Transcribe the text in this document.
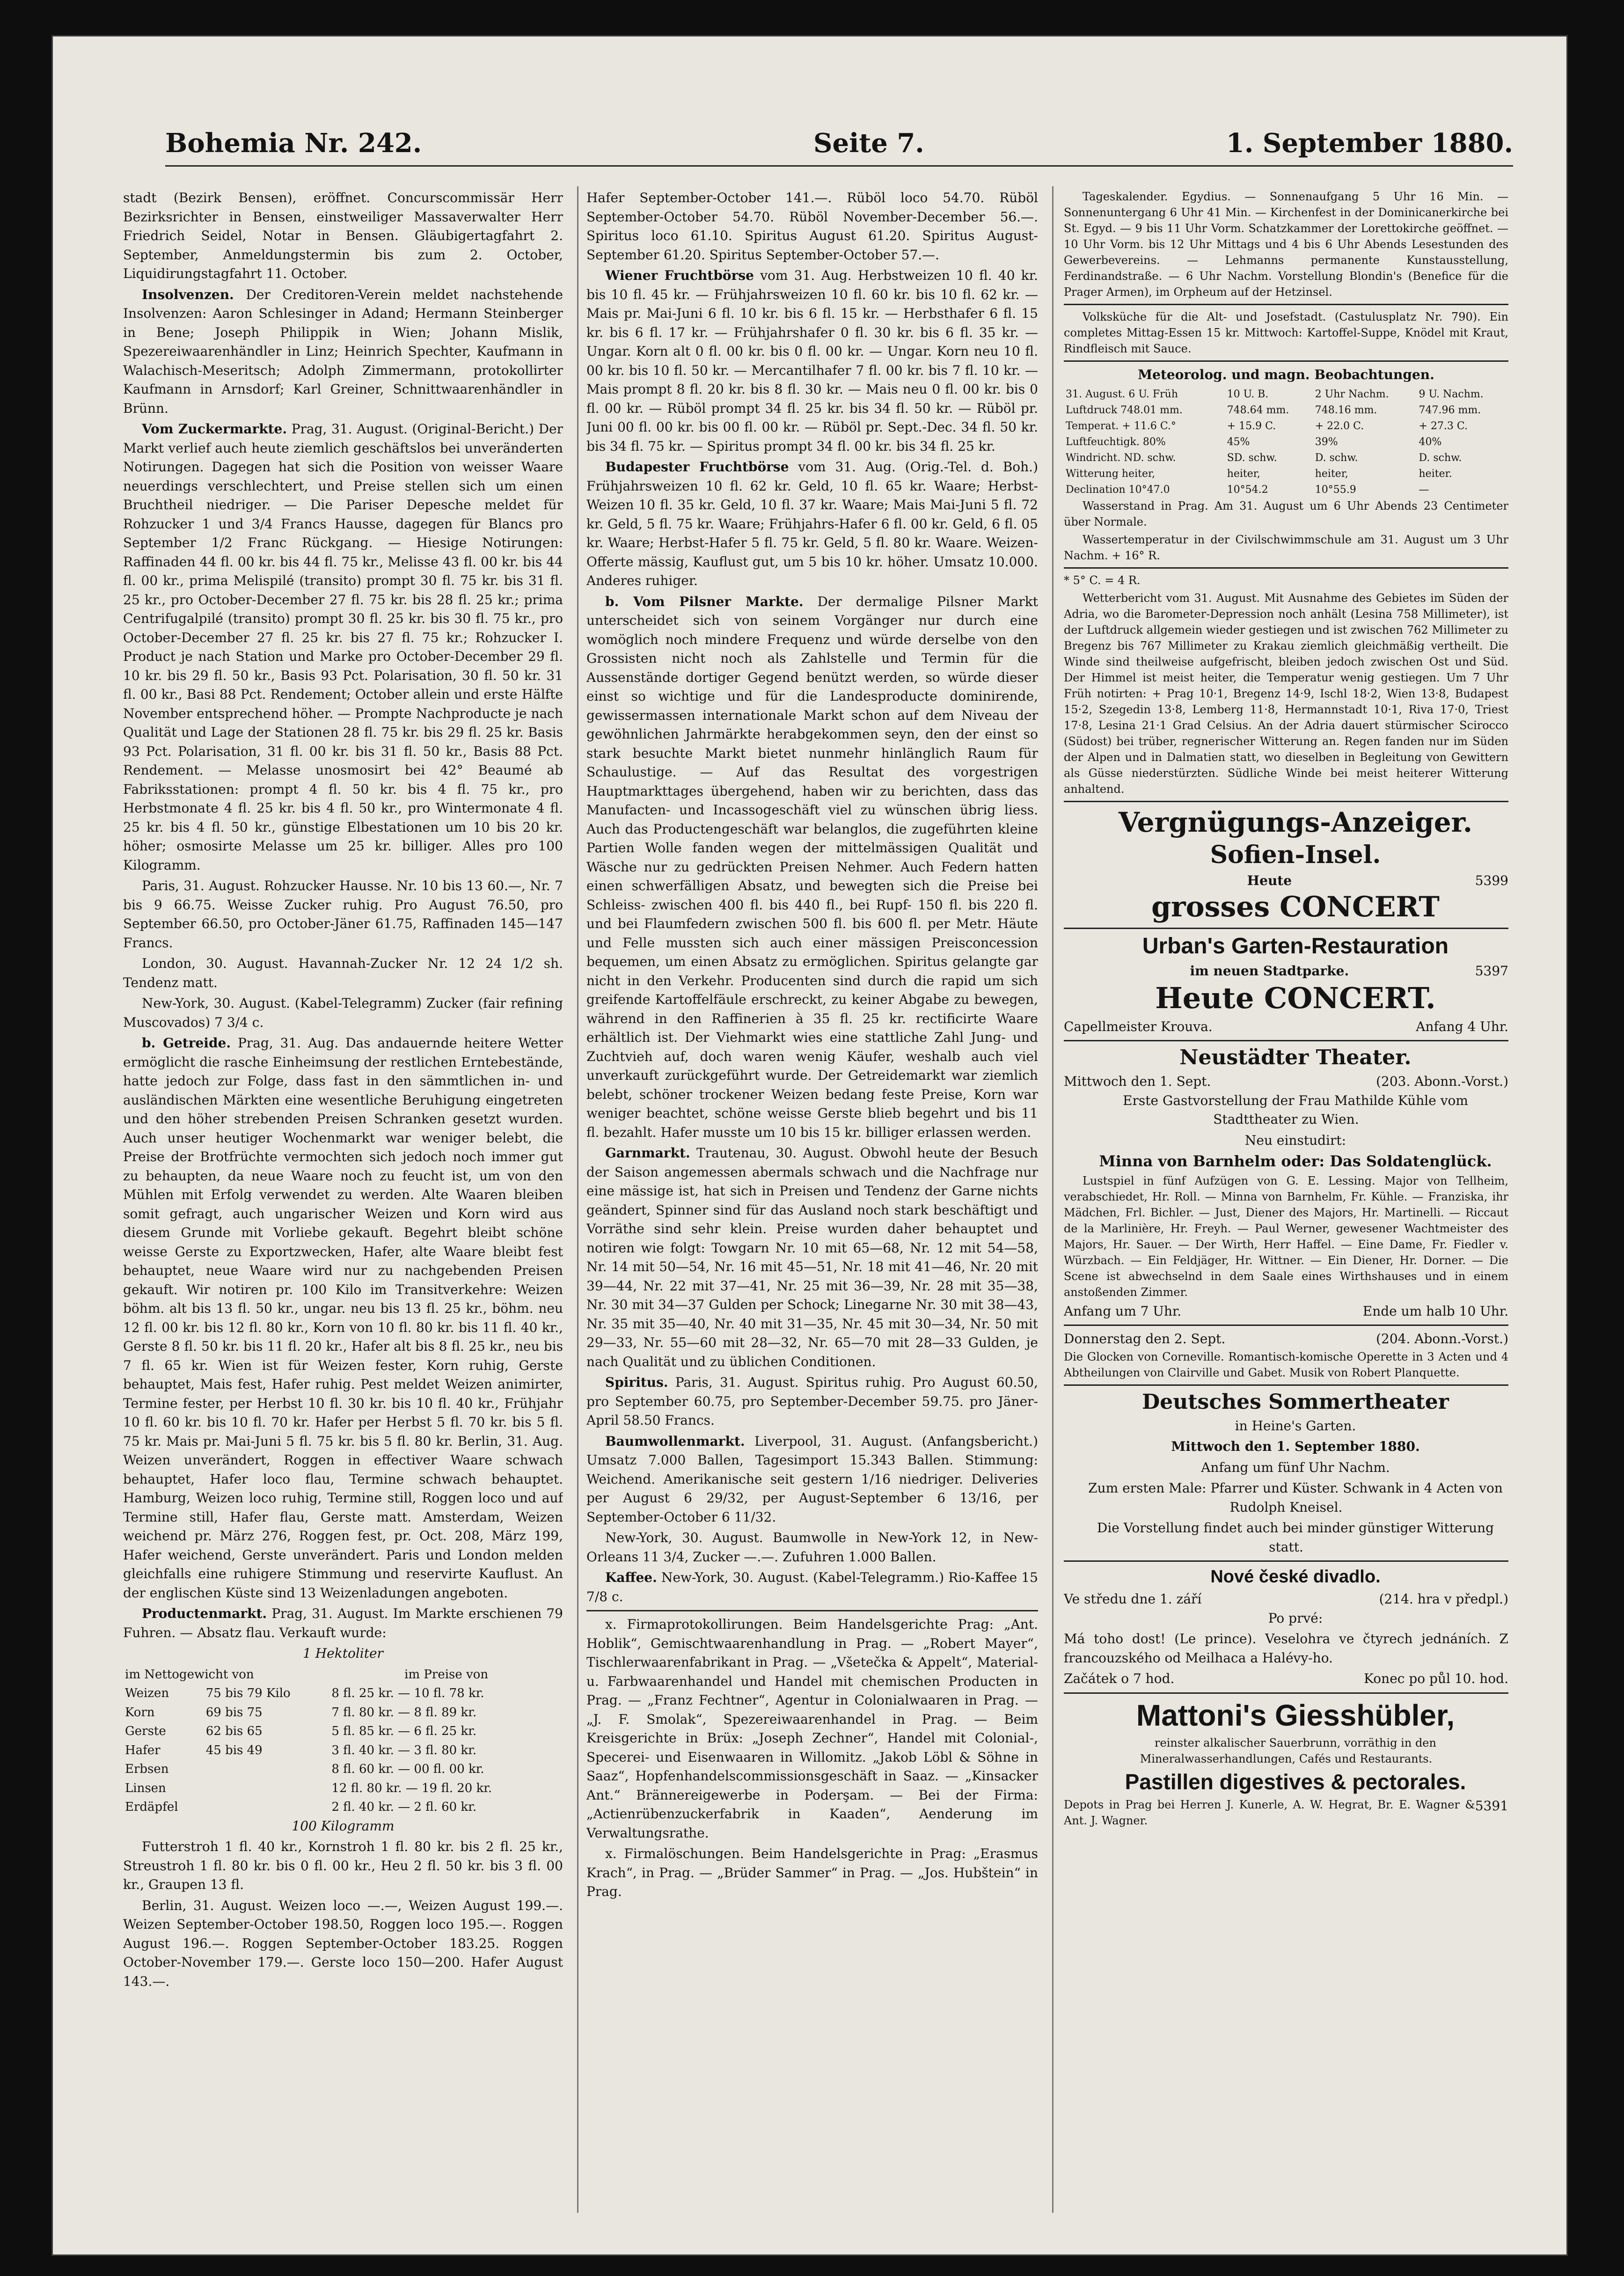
Bohemia Nr. 242.	Seite 7.	1. September 1880.

stadt (Bezirk Bensen), eröffnet. Concurscommissär Herr Bezirksrichter in Bensen, einstweiliger Massaverwalter Herr Friedrich Seidel, Notar in Bensen. Gläubigertagfahrt 2. September, Anmeldungstermin bis zum 2. October, Liquidirungstagfahrt 11. October.

Insolvenzen. Der Creditoren-Verein meldet nachstehende Insolvenzen: Aaron Schlesinger in Adand; Hermann Steinberger in Bene; Joseph Philippik in Wien; Johann Mislik, Spezereiwaarenhändler in Linz; Heinrich Spechter, Kaufmann in Walachisch-Meseritsch; Adolph Zimmermann, protokollirter Kaufmann in Arnsdorf; Karl Greiner, Schnittwaarenhändler in Brünn.

Vom Zuckermarkte. Prag, 31. August. (Original-Bericht.) Der Markt verlief auch heute ziemlich geschäftslos bei unveränderten Notirungen. Dagegen hat sich die Position von weisser Waare neuerdings verschlechtert, und Preise stellen sich um einen Bruchtheil niedriger. — Die Pariser Depesche meldet für Rohzucker 1 und 3/4 Francs Hausse, dagegen für Blancs pro September 1/2 Franc Rückgang. — Hiesige Notirungen: Raffinaden 44 fl. 00 kr. bis 44 fl. 75 kr., Melisse 43 fl. 00 kr. bis 44 fl. 00 kr., prima Melispilé (transito) prompt 30 fl. 75 kr. bis 31 fl. 25 kr., pro October-December 27 fl. 75 kr. bis 28 fl. 25 kr.; prima Centrifugalpilé (transito) prompt 30 fl. 25 kr. bis 30 fl. 75 kr., pro October-December 27 fl. 25 kr. bis 27 fl. 75 kr.; Rohzucker I. Product je nach Station und Marke pro October-December 29 fl. 10 kr. bis 29 fl. 50 kr., Basis 93 Pct. Polarisation, 30 fl. 50 kr. 31 fl. 00 kr., Basi 88 Pct. Rendement; October allein und erste Hälfte November entsprechend höher. — Prompte Nachproducte je nach Qualität und Lage der Stationen 28 fl. 75 kr. bis 29 fl. 25 kr. Basis 93 Pct. Polarisation, 31 fl. 00 kr. bis 31 fl. 50 kr., Basis 88 Pct. Rendement. — Melasse unosmosirt bei 42° Beaumé ab Fabriksstationen: prompt 4 fl. 50 kr. bis 4 fl. 75 kr., pro Herbstmonate 4 fl. 25 kr. bis 4 fl. 50 kr., pro Wintermonate 4 fl. 25 kr. bis 4 fl. 50 kr., günstige Elbestationen um 10 bis 20 kr. höher; osmosirte Melasse um 25 kr. billiger. Alles pro 100 Kilogramm.

Paris, 31. August. Rohzucker Hausse. Nr. 10 bis 13 60.—, Nr. 7 bis 9 66.75. Weisse Zucker ruhig. Pro August 76.50, pro September 66.50, pro October-Jäner 61.75, Raffinaden 145—147 Francs.

London, 30. August. Havannah-Zucker Nr. 12 24 1/2 sh. Tendenz matt.

New-York, 30. August. (Kabel-Telegramm) Zucker (fair refining Muscovados) 7 3/4 c.

b. Getreide. Prag, 31. Aug. Das andauernde heitere Wetter ermöglicht die rasche Einheimsung der restlichen Erntebestände, hatte jedoch zur Folge, dass fast in den sämmtlichen in- und ausländischen Märkten eine wesentliche Beruhigung eingetreten und den höher strebenden Preisen Schranken gesetzt wurden. Auch unser heutiger Wochenmarkt war weniger belebt, die Preise der Brotfrüchte vermochten sich jedoch noch immer gut zu behaupten, da neue Waare noch zu feucht ist, um von den Mühlen mit Erfolg verwendet zu werden. Alte Waaren bleiben somit gefragt, auch ungarischer Weizen und Korn wird aus diesem Grunde mit Vorliebe gekauft. Begehrt bleibt schöne weisse Gerste zu Exportzwecken, Hafer, alte Waare bleibt fest behauptet, neue Waare wird nur zu nachgebenden Preisen gekauft. Wir notiren pr. 100 Kilo im Transitverkehre: Weizen böhm. alt bis 13 fl. 50 kr., ungar. neu bis 13 fl. 25 kr., böhm. neu 12 fl. 00 kr. bis 12 fl. 80 kr., Korn von 10 fl. 80 kr. bis 11 fl. 40 kr., Gerste 8 fl. 50 kr. bis 11 fl. 20 kr., Hafer alt bis 8 fl. 25 kr., neu bis 7 fl. 65 kr. Wien ist für Weizen fester, Korn ruhig, Gerste behauptet, Mais fest, Hafer ruhig. Pest meldet Weizen animirter, Termine fester, per Herbst 10 fl. 30 kr. bis 10 fl. 40 kr., Frühjahr 10 fl. 60 kr. bis 10 fl. 70 kr. Hafer per Herbst 5 fl. 70 kr. bis 5 fl. 75 kr. Mais pr. Mai-Juni 5 fl. 75 kr. bis 5 fl. 80 kr. Berlin, 31. Aug. Weizen unverändert, Roggen in effectiver Waare schwach behauptet, Hafer loco flau, Termine schwach behauptet. Hamburg, Weizen loco ruhig, Termine still, Roggen loco und auf Termine still, Hafer flau, Gerste matt. Amsterdam, Weizen weichend pr. März 276, Roggen fest, pr. Oct. 208, März 199, Hafer weichend, Gerste unverändert. Paris und London melden gleichfalls eine ruhigere Stimmung und reservirte Kauflust. An der englischen Küste sind 13 Weizenladungen angeboten.

Productenmarkt. Prag, 31. August. Im Markte erschienen 79 Fuhren. — Absatz flau. Verkauft wurde:

1 Hektoliter

im Nettogewicht von		im Preise von
Weizen	75 bis 79 Kilo	8 fl. 25 kr. — 10 fl. 78 kr.
Korn	69 bis 75	7 fl. 80 kr. — 8 fl. 89 kr.
Gerste	62 bis 65	5 fl. 85 kr. — 6 fl. 25 kr.
Hafer	45 bis 49	3 fl. 40 kr. — 3 fl. 80 kr.
Erbsen		8 fl. 60 kr. — 00 fl. 00 kr.
Linsen		12 fl. 80 kr. — 19 fl. 20 kr.
Erdäpfel		2 fl. 40 kr. — 2 fl. 60 kr.

100 Kilogramm

Futterstroh 1 fl. 40 kr., Kornstroh 1 fl. 80 kr. bis 2 fl. 25 kr., Streustroh 1 fl. 80 kr. bis 0 fl. 00 kr., Heu 2 fl. 50 kr. bis 3 fl. 00 kr., Graupen 13 fl.

Berlin, 31. August. Weizen loco —.—, Weizen August 199.—. Weizen September-October 198.50, Roggen loco 195.—. Roggen August 196.—. Roggen September-October 183.25. Roggen October-November 179.—. Gerste loco 150—200. Hafer August 143.—.

Hafer September-October 141.—. Rüböl loco 54.70. Rüböl September-October 54.70. Rüböl November-December 56.—. Spiritus loco 61.10. Spiritus August 61.20. Spiritus August-September 61.20. Spiritus September-October 57.—.

Wiener Fruchtbörse vom 31. Aug. Herbstweizen 10 fl. 40 kr. bis 10 fl. 45 kr. — Frühjahrsweizen 10 fl. 60 kr. bis 10 fl. 62 kr. — Mais pr. Mai-Juni 6 fl. 10 kr. bis 6 fl. 15 kr. — Herbsthafer 6 fl. 15 kr. bis 6 fl. 17 kr. — Frühjahrshafer 0 fl. 30 kr. bis 6 fl. 35 kr. — Ungar. Korn alt 0 fl. 00 kr. bis 0 fl. 00 kr. — Ungar. Korn neu 10 fl. 00 kr. bis 10 fl. 50 kr. — Mercantilhafer 7 fl. 00 kr. bis 7 fl. 10 kr. — Mais prompt 8 fl. 20 kr. bis 8 fl. 30 kr. — Mais neu 0 fl. 00 kr. bis 0 fl. 00 kr. — Rüböl prompt 34 fl. 25 kr. bis 34 fl. 50 kr. — Rüböl pr. Juni 00 fl. 00 kr. bis 00 fl. 00 kr. — Rüböl pr. Sept.-Dec. 34 fl. 50 kr. bis 34 fl. 75 kr. — Spiritus prompt 34 fl. 00 kr. bis 34 fl. 25 kr.

Budapester Fruchtbörse vom 31. Aug. (Orig.-Tel. d. Boh.) Frühjahrsweizen 10 fl. 62 kr. Geld, 10 fl. 65 kr. Waare; Herbst-Weizen 10 fl. 35 kr. Geld, 10 fl. 37 kr. Waare; Mais Mai-Juni 5 fl. 72 kr. Geld, 5 fl. 75 kr. Waare; Frühjahrs-Hafer 6 fl. 00 kr. Geld, 6 fl. 05 kr. Waare; Herbst-Hafer 5 fl. 75 kr. Geld, 5 fl. 80 kr. Waare. Weizen-Offerte mässig, Kauflust gut, um 5 bis 10 kr. höher. Umsatz 10.000. Anderes ruhiger.

b. Vom Pilsner Markte. Der dermalige Pilsner Markt unterscheidet sich von seinem Vorgänger nur durch eine womöglich noch mindere Frequenz und würde derselbe von den Grossisten nicht noch als Zahlstelle und Termin für die Aussenstände dortiger Gegend benützt werden, so würde dieser einst so wichtige und für die Landesproducte dominirende, gewissermassen internationale Markt schon auf dem Niveau der gewöhnlichen Jahrmärkte herabgekommen seyn, den der einst so stark besuchte Markt bietet nunmehr hinlänglich Raum für Schaulustige. — Auf das Resultat des vorgestrigen Hauptmarkttages übergehend, haben wir zu berichten, dass das Manufacten- und Incassogeschäft viel zu wünschen übrig liess. Auch das Productengeschäft war belanglos, die zugeführten kleine Partien Wolle fanden wegen der mittelmässigen Qualität und Wäsche nur zu gedrückten Preisen Nehmer. Auch Federn hatten einen schwerfälligen Absatz, und bewegten sich die Preise bei Schleiss- zwischen 400 fl. bis 440 fl., bei Rupf- 150 fl. bis 220 fl. und bei Flaumfedern zwischen 500 fl. bis 600 fl. per Metr. Häute und Felle mussten sich auch einer mässigen Preisconcession bequemen, um einen Absatz zu ermöglichen. Spiritus gelangte gar nicht in den Verkehr. Producenten sind durch die rapid um sich greifende Kartoffelfäule erschreckt, zu keiner Abgabe zu bewegen, während in den Raffinerien à 35 fl. 25 kr. rectificirte Waare erhältlich ist. Der Viehmarkt wies eine stattliche Zahl Jung- und Zuchtvieh auf, doch waren wenig Käufer, weshalb auch viel unverkauft zurückgeführt wurde. Der Getreidemarkt war ziemlich belebt, schöner trockener Weizen bedang feste Preise, Korn war weniger beachtet, schöne weisse Gerste blieb begehrt und bis 11 fl. bezahlt. Hafer musste um 10 bis 15 kr. billiger erlassen werden.

Garnmarkt. Trautenau, 30. August. Obwohl heute der Besuch der Saison angemessen abermals schwach und die Nachfrage nur eine mässige ist, hat sich in Preisen und Tendenz der Garne nichts geändert, Spinner sind für das Ausland noch stark beschäftigt und Vorräthe sind sehr klein. Preise wurden daher behauptet und notiren wie folgt: Towgarn Nr. 10 mit 65—68, Nr. 12 mit 54—58, Nr. 14 mit 50—54, Nr. 16 mit 45—51, Nr. 18 mit 41—46, Nr. 20 mit 39—44, Nr. 22 mit 37—41, Nr. 25 mit 36—39, Nr. 28 mit 35—38, Nr. 30 mit 34—37 Gulden per Schock; Linegarne Nr. 30 mit 38—43, Nr. 35 mit 35—40, Nr. 40 mit 31—35, Nr. 45 mit 30—34, Nr. 50 mit 29—33, Nr. 55—60 mit 28—32, Nr. 65—70 mit 28—33 Gulden, je nach Qualität und zu üblichen Conditionen.

Spiritus. Paris, 31. August. Spiritus ruhig. Pro August 60.50, pro September 60.75, pro September-December 59.75. pro Jäner-April 58.50 Francs.

Baumwollenmarkt. Liverpool, 31. August. (Anfangsbericht.) Umsatz 7.000 Ballen, Tagesimport 15.343 Ballen. Stimmung: Weichend. Amerikanische seit gestern 1/16 niedriger. Deliveries per August 6 29/32, per August-September 6 13/16, per September-October 6 11/32.

New-York, 30. August. Baumwolle in New-York 12, in New-Orleans 11 3/4, Zucker —.—. Zufuhren 1.000 Ballen.

Kaffee. New-York, 30. August. (Kabel-Telegramm.) Rio-Kaffee 15 7/8 c.

x. Firmaprotokollirungen. Beim Handelsgerichte Prag: „Ant. Hoblik“, Gemischtwaarenhandlung in Prag. — „Robert Mayer“, Tischlerwaarenfabrikant in Prag. — „Všetečka & Appelt“, Material- u. Farbwaarenhandel und Handel mit chemischen Producten in Prag. — „Franz Fechtner“, Agentur in Colonialwaaren in Prag. — „J. F. Smolak“, Spezereiwaarenhandel in Prag. — Beim Kreisgerichte in Brüx: „Joseph Zechner“, Handel mit Colonial-, Specerei- und Eisenwaaren in Willomitz. „Jakob Löbl & Söhne in Saaz“, Hopfenhandelscommissionsgeschäft in Saaz. — „Kinsacker Ant.“ Brännereigewerbe in Poderşam. — Bei der Firma: „Actienrübenzuckerfabrik in Kaaden“, Aenderung im Verwaltungsrathe.

x. Firmalöschungen. Beim Handelsgerichte in Prag: „Erasmus Krach“, in Prag. — „Brüder Sammer“ in Prag. — „Jos. Hubštein“ in Prag.

Tageskalender. Egydius. — Sonnenaufgang 5 Uhr 16 Min. — Sonnenuntergang 6 Uhr 41 Min. — Kirchenfest in der Dominicanerkirche bei St. Egyd. — 9 bis 11 Uhr Vorm. Schatzkammer der Lorettokirche geöffnet. — 10 Uhr Vorm. bis 12 Uhr Mittags und 4 bis 6 Uhr Abends Lesestunden des Gewerbevereins. — Lehmanns permanente Kunstausstellung, Ferdinandstraße. — 6 Uhr Nachm. Vorstellung Blondin's (Benefice für die Prager Armen), im Orpheum auf der Hetzinsel.

Volksküche für die Alt- und Josefstadt. (Castulusplatz Nr. 790). Ein completes Mittag-Essen 15 kr. Mittwoch: Kartoffel-Suppe, Knödel mit Kraut, Rindfleisch mit Sauce.

Meteorolog. und magn. Beobachtungen.

31. August. 6 U. Früh	10 U. B.	2 Uhr Nachm.	9 U. Nachm.
Luftdruck 748.01 mm.	748.64 mm.	748.16 mm.	747.96 mm.
Temperat. + 11.6 C.°	+ 15.9 C.	+ 22.0 C.	+ 27.3 C.
Luftfeuchtigk. 80%	45%	39%	40%
Windricht. ND. schw.	SD. schw.	D. schw.	D. schw.
Witterung heiter,	heiter,	heiter,	heiter.
Declination 10°47.0	10°54.2	10°55.9	—

Wasserstand in Prag. Am 31. August um 6 Uhr Abends 23 Centimeter über Normale.

Wassertemperatur in der Civilschwimmschule am 31. August um 3 Uhr Nachm. + 16° R.

* 5° C. = 4 R.

Wetterbericht vom 31. August. Mit Ausnahme des Gebietes im Süden der Adria, wo die Barometer-Depression noch anhält (Lesina 758 Millimeter), ist der Luftdruck allgemein wieder gestiegen und ist zwischen 762 Millimeter zu Bregenz bis 767 Millimeter zu Krakau ziemlich gleichmäßig vertheilt. Die Winde sind theilweise aufgefrischt, bleiben jedoch zwischen Ost und Süd. Der Himmel ist meist heiter, die Temperatur wenig gestiegen. Um 7 Uhr Früh notirten: + Prag 10·1, Bregenz 14·9, Ischl 18·2, Wien 13·8, Budapest 15·2, Szegedin 13·8, Lemberg 11·8, Hermannstadt 10·1, Riva 17·0, Triest 17·8, Lesina 21·1 Grad Celsius. An der Adria dauert stürmischer Scirocco (Südost) bei trüber, regnerischer Witterung an. Regen fanden nur im Süden der Alpen und in Dalmatien statt, wo dieselben in Begleitung von Gewittern als Güsse niederstürzten. Südliche Winde bei meist heiterer Witterung anhaltend.

Vergnügungs-Anzeiger.

Sofien-Insel.

Heute	5399

grosses CONCERT

Urban's Garten-Restauration

im neuen Stadtparke.	5397

Heute CONCERT.

Capellmeister Krouva.	Anfang 4 Uhr.

Neustädter Theater.

Mittwoch den 1. Sept.	(203. Abonn.-Vorst.)

Erste Gastvorstellung der Frau Mathilde Kühle vom Stadttheater zu Wien.

Neu einstudirt:

Minna von Barnhelm oder: Das Soldatenglück.

Lustspiel in fünf Aufzügen von G. E. Lessing. Major von Tellheim, verabschiedet, Hr. Roll. — Minna von Barnhelm, Fr. Kühle. — Franziska, ihr Mädchen, Frl. Bichler. — Just, Diener des Majors, Hr. Martinelli. — Riccaut de la Marlinière, Hr. Freyh. — Paul Werner, gewesener Wachtmeister des Majors, Hr. Sauer. — Der Wirth, Herr Haffel. — Eine Dame, Fr. Fiedler v. Würzbach. — Ein Feldjäger, Hr. Wittner. — Ein Diener, Hr. Dorner. — Die Scene ist abwechselnd in dem Saale eines Wirthshauses und in einem anstoßenden Zimmer.

Anfang um 7 Uhr.	Ende um halb 10 Uhr.
Donnerstag den 2. Sept.	(204. Abonn.-Vorst.)

Die Glocken von Corneville. Romantisch-komische Operette in 3 Acten und 4 Abtheilungen von Clairville und Gabet. Musik von Robert Planquette.

Deutsches Sommertheater

in Heine's Garten.

Mittwoch den 1. September 1880.

Anfang um fünf Uhr Nachm.

Zum ersten Male: Pfarrer und Küster. Schwank in 4 Acten von Rudolph Kneisel.

Die Vorstellung findet auch bei minder günstiger Witterung statt.

Nové české divadlo.

Ve středu dne 1. září	(214. hra v předpl.)

Po prvé:

Má toho dost! (Le prince). Veselohra ve čtyrech jednáních. Z francouzského od Meilhaca a Halévy-ho.

Začátek o 7 hod.	Konec po půl 10. hod.

Mattoni's Giesshübler,

reinster alkalischer Sauerbrunn, vorräthig in den Mineralwasserhandlungen, Cafés und Restaurants.

Pastillen digestives & pectorales.

Depots in Prag bei Herren J. Kunerle, A. W. Hegrat, Br. E. Wagner & Ant. J. Wagner.
5391
